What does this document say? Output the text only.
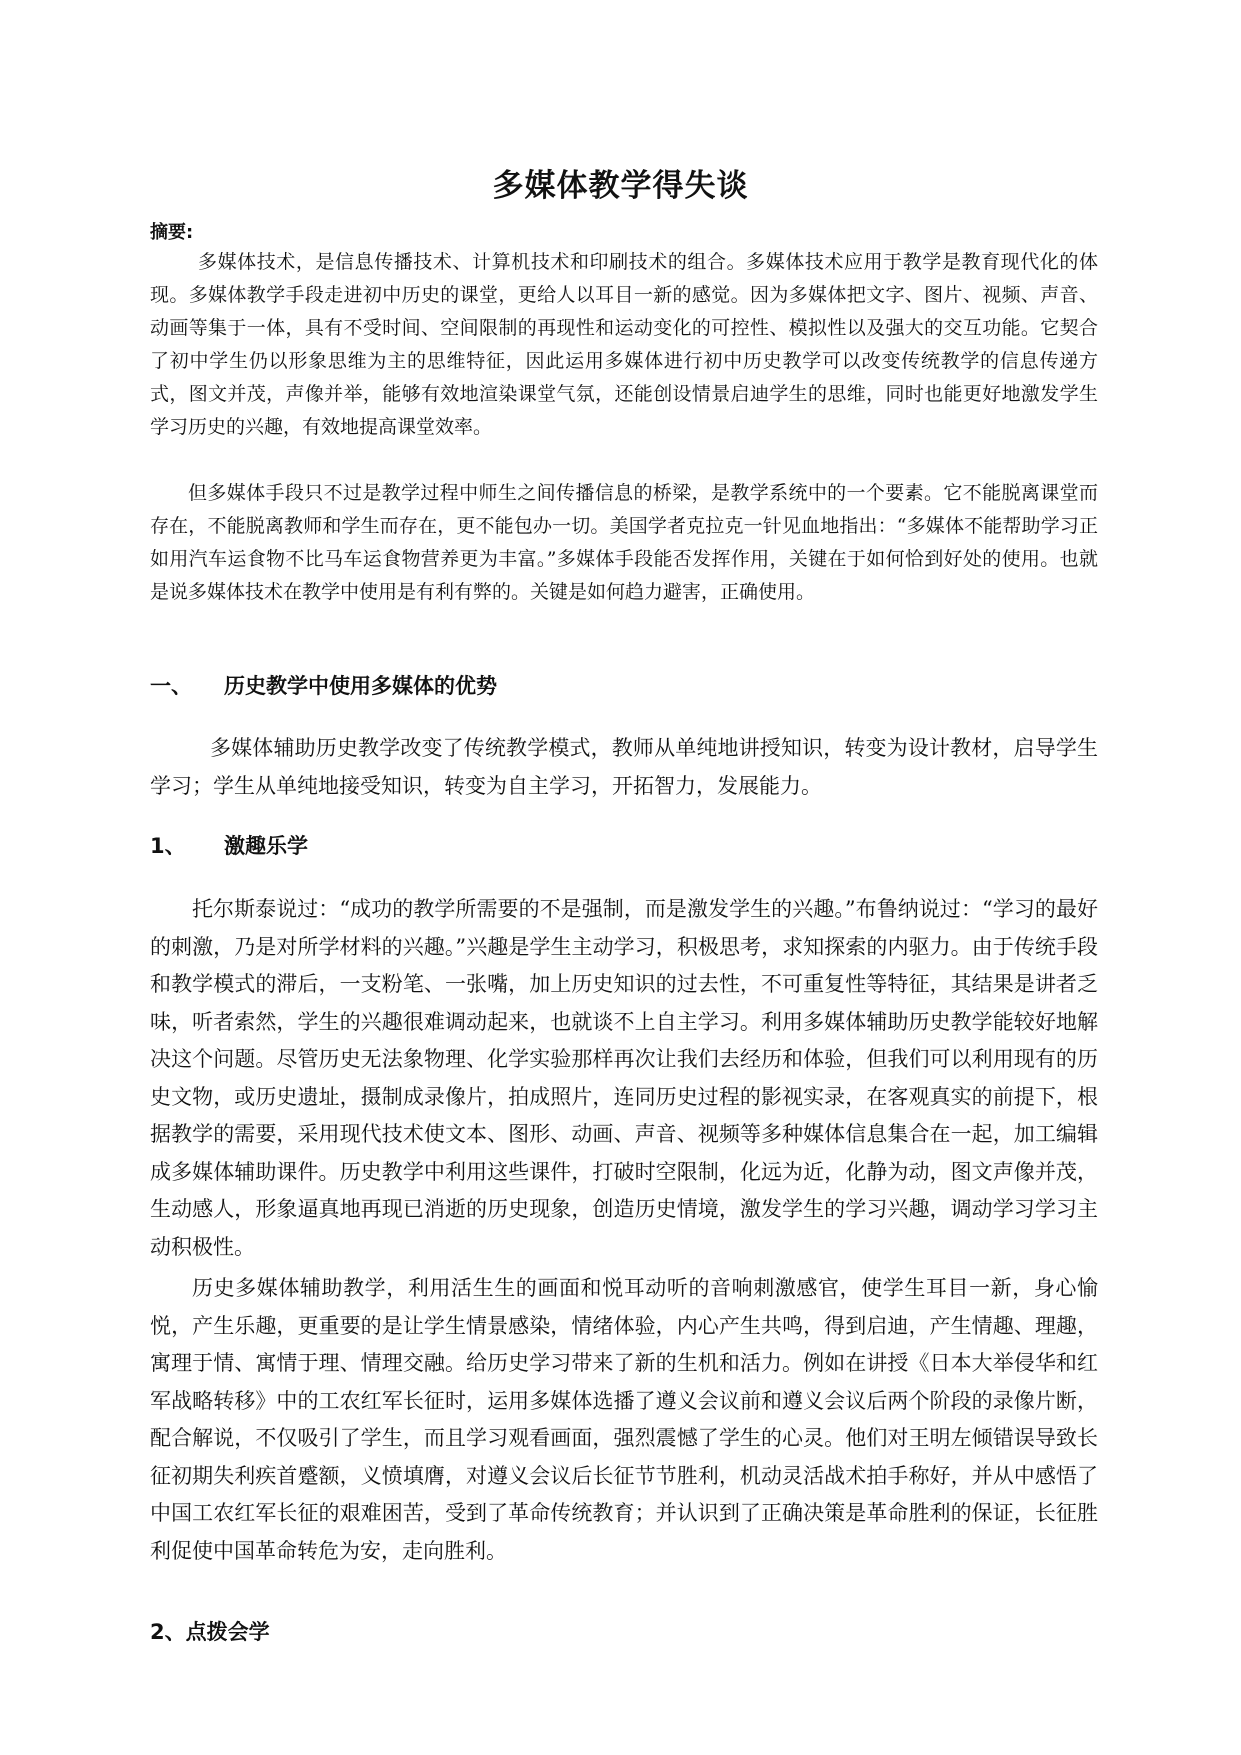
多媒体教学得失谈
摘要:

多媒体技术，是信息传播技术、计算机技术和印刷技术的组合。多媒体技术应用于教学是教育现代化的体现。多媒体教学手段走进初中历史的课堂，更给人以耳目一新的感觉。因为多媒体把文字、图片、视频、声音、动画等集于一体，具有不受时间、空间限制的再现性和运动变化的可控性、模拟性以及强大的交互功能。它契合了初中学生仍以形象思维为主的思维特征，因此运用多媒体进行初中历史教学可以改变传统教学的信息传递方式，图文并茂，声像并举，能够有效地渲染课堂气氛，还能创设情景启迪学生的思维，同时也能更好地激发学生学习历史的兴趣，有效地提高课堂效率。

但多媒体手段只不过是教学过程中师生之间传播信息的桥梁，是教学系统中的一个要素。它不能脱离课堂而存在，不能脱离教师和学生而存在，更不能包办一切。美国学者克拉克一针见血地指出：“多媒体不能帮助学习正如用汽车运食物不比马车运食物营养更为丰富。”多媒体手段能否发挥作用，关键在于如何恰到好处的使用。也就是说多媒体技术在教学中使用是有利有弊的。关键是如何趋力避害，正确使用。

一、 历史教学中使用多媒体的优势

多媒体辅助历史教学改变了传统教学模式，教师从单纯地讲授知识，转变为设计教材，启导学生学习；学生从单纯地接受知识，转变为自主学习，开拓智力，发展能力。

1、 激趣乐学

托尔斯泰说过：“成功的教学所需要的不是强制，而是激发学生的兴趣。”布鲁纳说过：“学习的最好的刺激，乃是对所学材料的兴趣。”兴趣是学生主动学习，积极思考，求知探索的内驱力。由于传统手段和教学模式的滞后，一支粉笔、一张嘴，加上历史知识的过去性，不可重复性等特征，其结果是讲者乏味，听者索然，学生的兴趣很难调动起来，也就谈不上自主学习。利用多媒体辅助历史教学能较好地解决这个问题。尽管历史无法象物理、化学实验那样再次让我们去经历和体验，但我们可以利用现有的历史文物，或历史遗址，摄制成录像片，拍成照片，连同历史过程的影视实录，在客观真实的前提下，根据教学的需要，采用现代技术使文本、图形、动画、声音、视频等多种媒体信息集合在一起，加工编辑成多媒体辅助课件。历史教学中利用这些课件，打破时空限制，化远为近，化静为动，图文声像并茂，生动感人，形象逼真地再现已消逝的历史现象，创造历史情境，激发学生的学习兴趣，调动学习学习主动积极性。

历史多媒体辅助教学，利用活生生的画面和悦耳动听的音响刺激感官，使学生耳目一新，身心愉悦，产生乐趣，更重要的是让学生情景感染，情绪体验，内心产生共鸣，得到启迪，产生情趣、理趣，寓理于情、寓情于理、情理交融。给历史学习带来了新的生机和活力。例如在讲授《日本大举侵华和红军战略转移》中的工农红军长征时，运用多媒体选播了遵义会议前和遵义会议后两个阶段的录像片断，配合解说，不仅吸引了学生，而且学习观看画面，强烈震憾了学生的心灵。他们对王明左倾错误导致长征初期失利疾首蹙额，义愤填膺，对遵义会议后长征节节胜利，机动灵活战术拍手称好，并从中感悟了中国工农红军长征的艰难困苦，受到了革命传统教育；并认识到了正确决策是革命胜利的保证，长征胜利促使中国革命转危为安，走向胜利。

2、点拨会学
